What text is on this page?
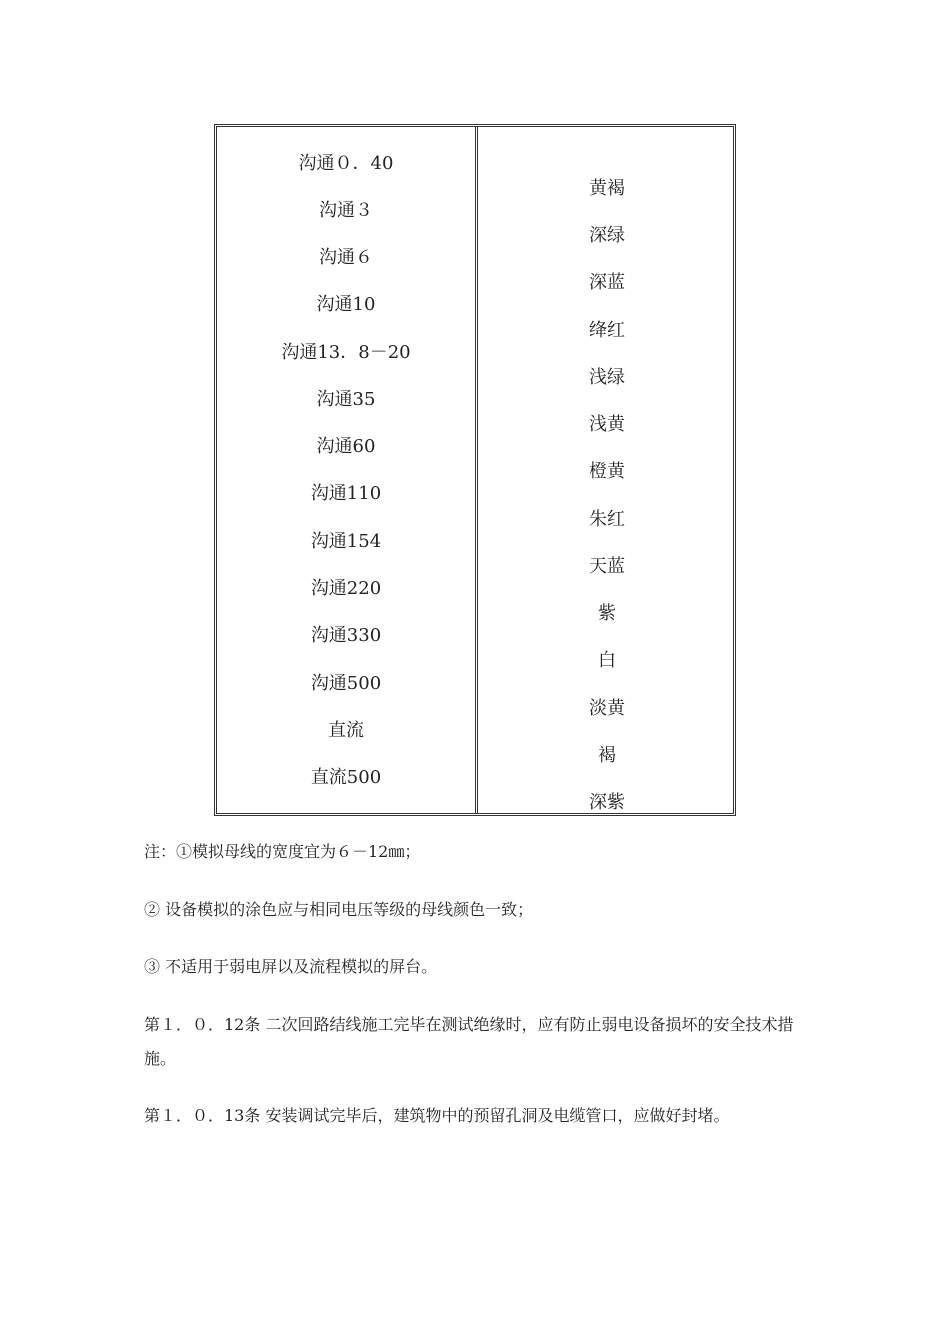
沟通０．40
沟通３
沟通６
沟通10
沟通13．8－20
沟通35
沟通60
沟通110
沟通154
沟通220
沟通330
沟通500
直流
直流500
黄褐
深绿
深蓝
绛红
浅绿
浅黄
橙黄
朱红
天蓝
紫
白
淡黄
褐
深紫
注：①模拟母线的宽度宜为６－12㎜；
② 设备模拟的涂色应与相同电压等级的母线颜色一致；
③ 不适用于弱电屏以及流程模拟的屏台。
第１．０．12条 二次回路结线施工完毕在测试绝缘时，应有防止弱电设备损坏的安全技术措
施。
第１．０．13条 安装调试完毕后，建筑物中的预留孔洞及电缆管口，应做好封堵。
